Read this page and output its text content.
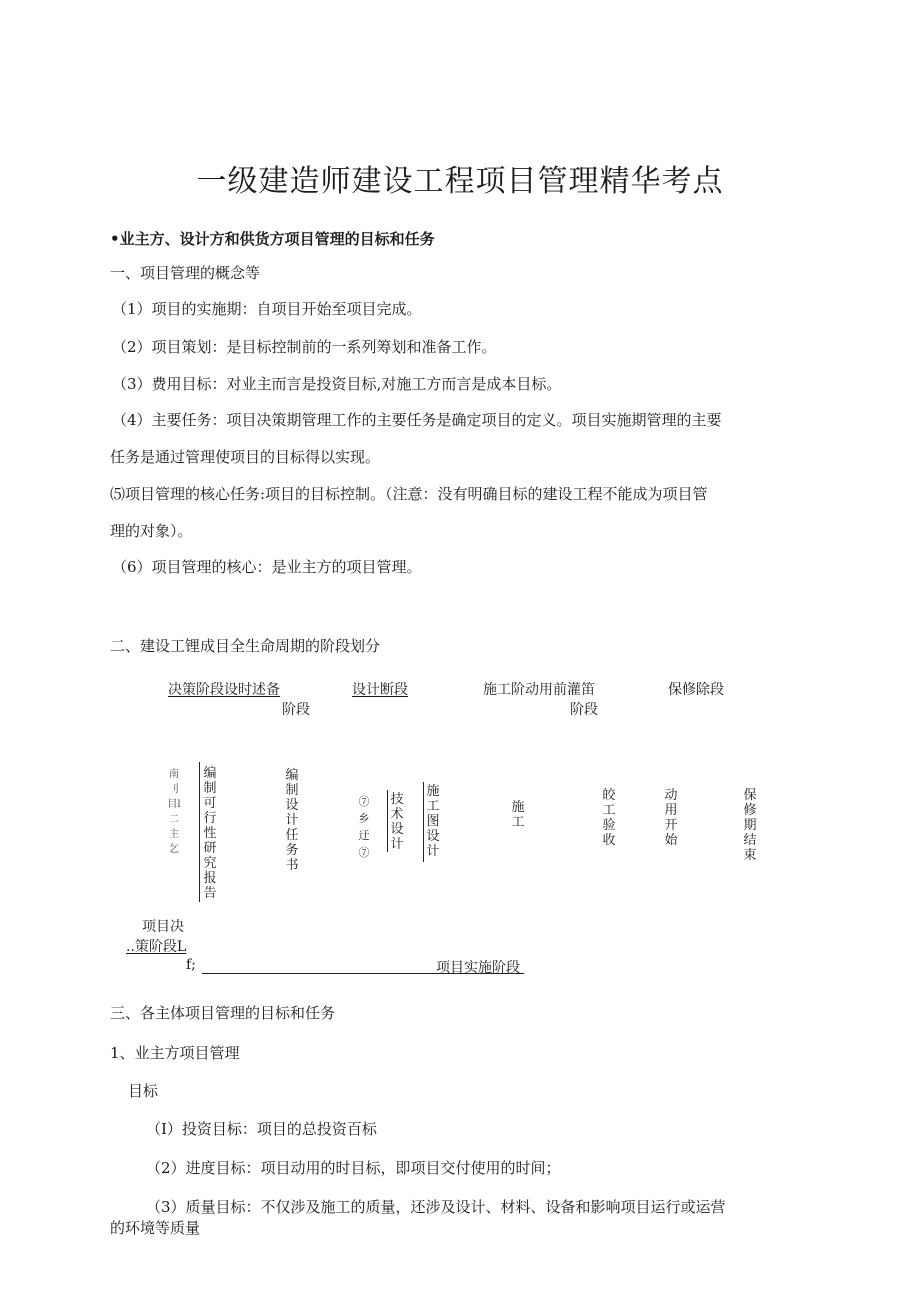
一级建造师建设工程项目管理精华考点
•业主方、设计方和供货方项目管理的目标和任务
一、项目管理的概念等
（1）项目的实施期：自项目开始至项目完成。
（2）项目策划：是目标控制前的一系列筹划和准备工作。
（3）费用目标：对业主而言是投资目标,对施工方而言是成本目标。
（4）主要任务：项目决策期管理工作的主要任务是确定项目的定义。项目实施期管理的主要
任务是通过管理使项目的目标得以实现。
⑸项目管理的核心任务:项目的目标控制。（注意：没有明确目标的建设工程不能成为项目管
理的对象）。
（6）项目管理的核心：是业主方的项目管理。
二、建设工锂成目全生命周期的阶段划分
决策阶段设时述备	设计断段
阶段
施工阶动用前灌笛	保修除段
阶段
南刂目l二主乞
编制可行性研究报告
编制设计任务书
⑦乡迂⑦
技术设计
施工图设计
施工
皎工验收
动用开始
保修期结束
项目决
..策阶段L
f;	项目实施阶段
三、各主体项目管理的目标和任务
1、业主方项目管理
目标
（I）投资目标：项目的总投资百标
（2）进度目标：项目动用的时目标，即项目交付使用的时间；
（3）质量目标：不仅涉及施工的质量，还涉及设计、材料、设备和影响项目运行或运营
的环境等质量
